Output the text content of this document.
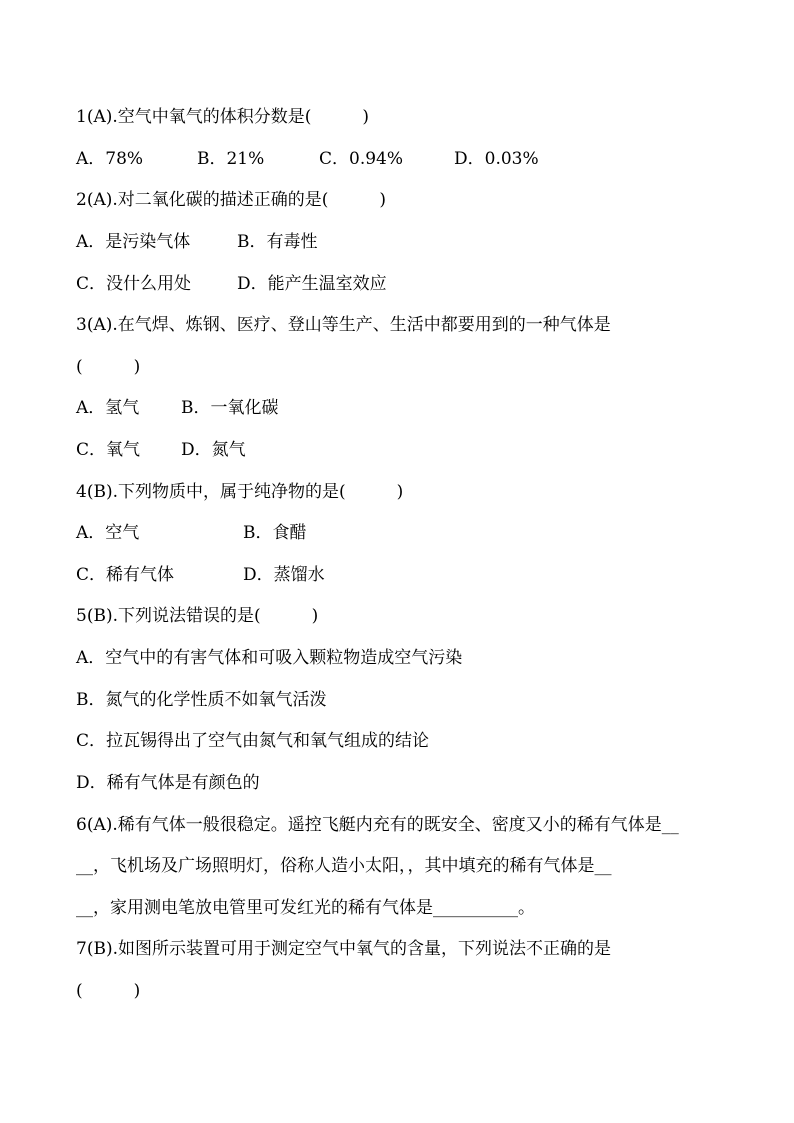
1(A).空气中氧气的体积分数是(　　　)
A．78%	B．21%	C．0.94%	D．0.03%
2(A).对二氧化碳的描述正确的是(　　　)
A．是污染气体	B．有毒性
C．没什么用处	D．能产生温室效应
3(A).在气焊、炼钢、医疗、登山等生产、生活中都要用到的一种气体是
(　　　)
A．氢气 B．一氧化碳
C．氧气 D．氮气
4(B).下列物质中，属于纯净物的是(　　　)
A．空气	B．食醋
C．稀有气体	D．蒸馏水
5(B).下列说法错误的是(　　　)
A．空气中的有害气体和可吸入颗粒物造成空气污染
B．氮气的化学性质不如氧气活泼
C．拉瓦锡得出了空气由氮气和氧气组成的结论
D．稀有气体是有颜色的
6(A).稀有气体一般很稳定。遥控飞艇内充有的既安全、密度又小的稀有气体是__
__，飞机场及广场照明灯，俗称人造小太阳，，其中填充的稀有气体是__
__，家用测电笔放电管里可发红光的稀有气体是__________。
7(B).如图所示装置可用于测定空气中氧气的含量，下列说法不正确的是
(　　　)
